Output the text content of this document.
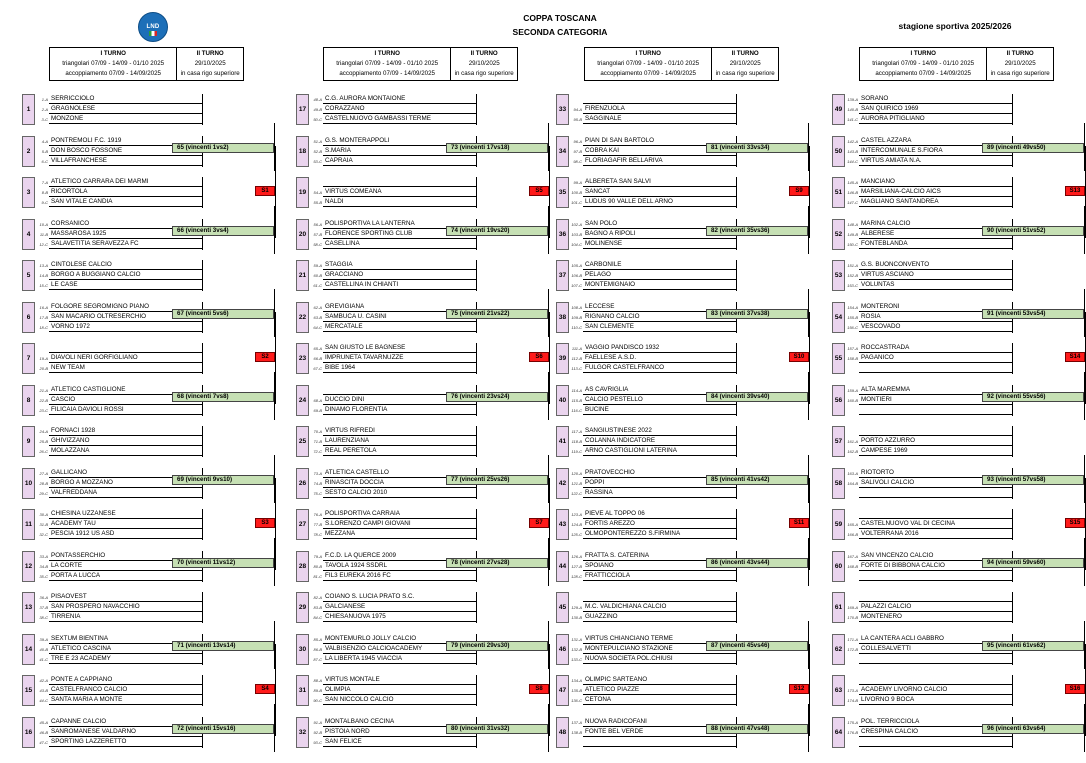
LND
COPPA TOSCANA
SECONDA CATEGORIA
stagione sportiva 2025/2026
I TURNO
triangolari 07/09 - 14/09 - 01/10 2025
accoppiamento 07/09 - 14/09/2025
II TURNO
29/10/2025
in casa rigo superiore
1
1-A SERRICCIOLO
2-A GRAGNOLESE
3-C MONZONE
2
4-A PONTREMOLI F.C. 1919
5-B DON BOSCO FOSSONE
6-C VILLAFRANCHESE
3
7-A ATLETICO CARRARA DEI MARMI
8-B RICORTOLA
9-C SAN VITALE CANDIA
4
10-A CORSANICO
11-B MASSAROSA 1925
12-C SALAVETITIA SERAVEZZA FC
5
13-A CINTOLESE CALCIO
14-B BORGO A BUGGIANO CALCIO
15-C LE CASE
6
16-A FOLGORE SEGROMIGNO PIANO
17-B SAN MACARIO OLTRESERCHIO
18-C VORNO 1972
7	19-A DIAVOLI NERI GORFIGLIANO
20-B NEW TEAM
8
21-A ATLETICO CASTIGLIONE
22-B CASCIO
23-C FILICAIA DAVIOLI ROSSI
9
24-A FORNACI 1928
25-B GHIVIZZANO
26-C MOLAZZANA
10
27-A GALLICANO
28-B BORGO A MOZZANO
29-C VALFREDDANA
11
30-A CHIESINA UZZANESE
31-B ACADEMY TAU
32-C PESCIA 1912 US ASD
12
33-A PONTASSERCHIO
34-B LA CORTE
35-C PORTA A LUCCA
13
36-A PISAOVEST
37-B SAN PROSPERO NAVACCHIO
38-C TIRRENIA
14
39-A SEXTUM BIENTINA
40-B ATLETICO CASCINA
41-C TRE E 23 ACADEMY
15
42-A PONTE A CAPPIANO
43-B CASTELFRANCO CALCIO
44-C SANTA MARIA A MONTE
16
45-A CAPANNE CALCIO
46-B SANROMANESE VALDARNO
47-C SPORTING LAZZERETTO
65 (vincenti 1vs2)
66 (vincenti 3vs4)
67 (vincenti 5vs6)
68 (vincenti 7vs8)
69 (vincenti 9vs10)
70 (vincenti 11vs12)
71 (vincenti 13vs14)
72 (vincenti 15vs16)
S1
S2
S3
S4
I TURNO
triangolari 07/09 - 14/09 - 01/10 2025
accoppiamento 07/09 - 14/09/2025
II TURNO
29/10/2025
in casa rigo superiore
17
48-A C.G. AURORA MONTAIONE
49-B CORAZZANO
50-C CASTELNUOVO GAMBASSI TERME
18
51-A G.S. MONTERAPPOLI
52-B S.MARIA
53-C CAPRAIA
19	54-A VIRTUS COMEANA
55-B NALDI
20
56-A POLISPORTIVA LA LANTERNA
57-B FLORENCE SPORTING CLUB
58-C CASELLINA
21
59-A STAGGIA
60-B GRACCIANO
61-C CASTELLINA IN CHIANTI
22
62-A GREVIGIANA
63-B SAMBUCA U. CASINI
64-C MERCATALE
23
65-A SAN GIUSTO LE BAGNESE
66-B IMPRUNETA TAVARNUZZE
67-C BIBE 1964
24	68-A DUCCIO DINI
69-B DINAMO FLORENTIA
25
70-A VIRTUS RIFREDI
71-B LAURENZIANA
72-C REAL PERETOLA
26
73-A ATLETICA CASTELLO
74-B RINASCITA DOCCIA
75-C SESTO CALCIO 2010
27
76-A POLISPORTIVA CARRAIA
77-B S.LORENZO CAMPI GIOVANI
78-C MEZZANA
28
79-A F.C.D. LA QUERCE 2009
80-B TAVOLA 1924 SSDRL
81-C FIL3 EUREKA 2016 FC
29
82-A COIANO S. LUCIA PRATO S.C.
83-B GALCIANESE
84-C CHIESANUOVA 1975
30
85-A MONTEMURLO JOLLY CALCIO
86-B VALBISENZIO CALCIOACADEMY
87-C LA LIBERTA 1945 VIACCIA
31
88-A VIRTUS MONTALE
89-B OLIMPIA
90-C SAN NICCOLO CALCIO
32
91-A MONTALBANO CECINA
92-B PISTOIA NORD
93-C SAN FELICE
73 (vincenti 17vs18)
74 (vincenti 19vs20)
75 (vincenti 21vs22)
76 (vincenti 23vs24)
77 (vincenti 25vs26)
78 (vincenti 27vs28)
79 (vincenti 29vs30)
80 (vincenti 31vs32)
S5
S6
S7
S8
I TURNO
triangolari 07/09 - 14/09 - 01/10 2025
accoppiamento 07/09 - 14/09/2025
II TURNO
29/10/2025
in casa rigo superiore
33	94-A FIRENZUOLA
95-B SAGGINALE
34
96-A PIAN DI SAN BARTOLO
97-B COBRA KAI
98-C FLORIAGAFIR BELLARIVA
35
99-A ALBERETA SAN SALVI
100-B SANCAT
101-C LUDUS 90 VALLE DELL ARNO
36
102-A SAN POLO
103-B BAGNO A RIPOLI
104-C MOLINENSE
37
105-A CARBONILE
106-B PELAGO
107-C MONTEMIGNAIO
38
108-A LECCESE
109-B RIGNANO CALCIO
110-C SAN CLEMENTE
39
111-A VAGGIO PANDISCO 1932
112-B FAELLESE A.S.D.
113-C FULGOR CASTELFRANCO
40
114-A AS CAVRIGLIA
115-B CALCIO PESTELLO
116-C BUCINE
41
117-A SANGIUSTINESE 2022
118-B COLANNA INDICATORE
119-C ARNO CASTIGLIONI LATERINA
42
120-A PRATOVECCHIO
121-B POPPI
122-C RASSINA
43
123-A PIEVE AL TOPPO 06
124-B FORTIS AREZZO
125-C OLMOPONTEREZZO S.FIRMINA
44
126-A FRATTA S. CATERINA
127-B SPOIANO
128-C FRATTICCIOLA
45	129-A M.C. VALDICHIANA CALCIO
130-B GUAZZINO
46
131-A VIRTUS CHIANCIANO TERME
132-B MONTEPULCIANO STAZIONE
133-C NUOVA SOCIETA POL.CHIUSI
47
134-A OLIMPIC SARTEANO
135-B ATLETICO PIAZZE
136-C CETONA
48
137-A NUOVA RADICOFANI
138-B FONTE BEL VERDE
81 (vincenti 33vs34)
82 (vincenti 35vs36)
83 (vincenti 37vs38)
84 (vincenti 39vs40)
85 (vincenti 41vs42)
86 (vincenti 43vs44)
87 (vincenti 45vs46)
88 (vincenti 47vs48)
S9
S10
S11
S12
I TURNO
triangolari 07/09 - 14/09 - 01/10 2025
accoppiamento 07/09 - 14/09/2025
II TURNO
29/10/2025
in casa rigo superiore
49
139-A SORANO
140-B SAN QUIRICO 1969
141-C AURORA PITIGLIANO
50
142-A CASTEL AZZARA
143-B INTERCOMUNALE S.FIORA
144-C VIRTUS AMIATA N.A.
51
145-A MANCIANO
146-B MARSILIANA-CALCIO AICS
147-C MAGLIANO SANTANDREA
52
148-A MARINA CALCIO
149-B ALBERESE
150-C FONTEBLANDA
53
151-A G.S. BUONCONVENTO
152-B VIRTUS ASCIANO
153-C VOLUNTAS
54
154-A MONTERONI
155-B ROSIA
156-C VESCOVADO
55
157-A ROCCASTRADA
158-B PAGANICO
56
159-A ALTA MAREMMA
160-B MONTIERI
57	161-A PORTO AZZURRO
162-B CAMPESE 1969
58
163-A RIOTORTO
164-B SALIVOLI CALCIO
59	165-A CASTELNUOVO VAL DI CECINA
166-B VOLTERRANA 2016
60
167-A SAN VINCENZO CALCIO
168-B FORTE DI BIBBONA CALCIO
61	169-A PALAZZI CALCIO
170-B MONTENERO
62
171-A LA CANTERA ACLI GABBRO
172-B COLLESALVETTI
63	173-A ACADEMY LIVORNO CALCIO
174-B LIVORNO 9 BOCA
64
175-A POL. TERRICCIOLA
176-B CRESPINA CALCIO
89 (vincenti 49vs50)
90 (vincenti 51vs52)
91 (vincenti 53vs54)
92 (vincenti 55vs56)
93 (vincenti 57vs58)
94 (vincenti 59vs60)
95 (vincenti 61vs62)
96 (vincenti 63vs64)
S13
S14
S15
S16
